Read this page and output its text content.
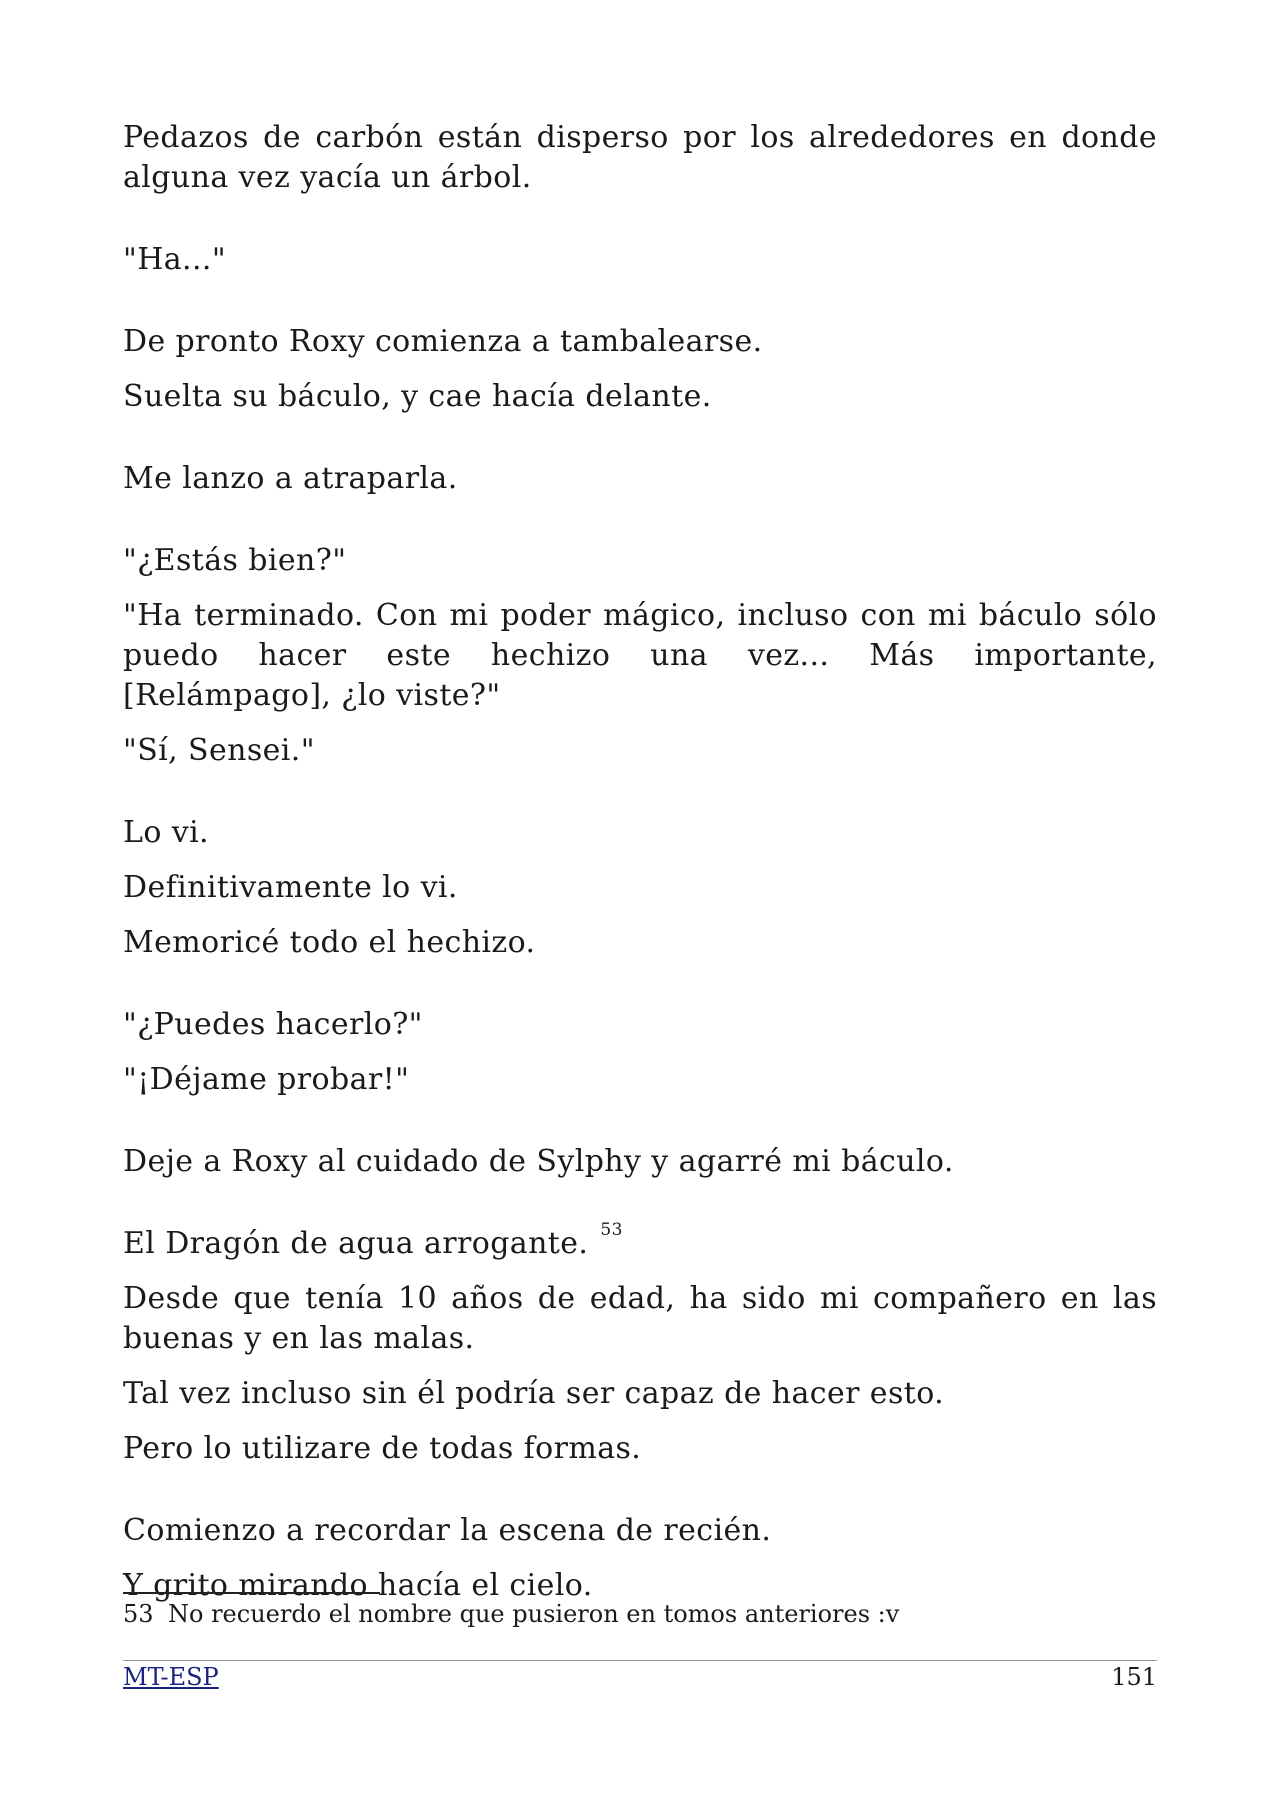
Pedazos de carbón están disperso por los alrededores en donde alguna vez yacía un árbol.

"Ha..."

De pronto Roxy comienza a tambalearse.

Suelta su báculo, y cae hacía delante.

Me lanzo a atraparla.

"¿Estás bien?"

"Ha terminado. Con mi poder mágico, incluso con mi báculo sólo puedo hacer este hechizo una vez... Más importante, [Relámpago], ¿lo viste?"

"Sí, Sensei."

Lo vi.

Definitivamente lo vi.

Memoricé todo el hechizo.

"¿Puedes hacerlo?"

"¡Déjame probar!"

Deje a Roxy al cuidado de Sylphy y agarré mi báculo.

El Dragón de agua arrogante. $^{53}$

Desde que tenía 10 años de edad, ha sido mi compañero en las buenas y en las malas.

Tal vez incluso sin él podría ser capaz de hacer esto.

Pero lo utilizare de todas formas.

Comienzo a recordar la escena de recién.

Y grito mirando hacía el cielo.

53 No recuerdo el nombre que pusieron en tomos anteriores :v
MT-ESP	151
